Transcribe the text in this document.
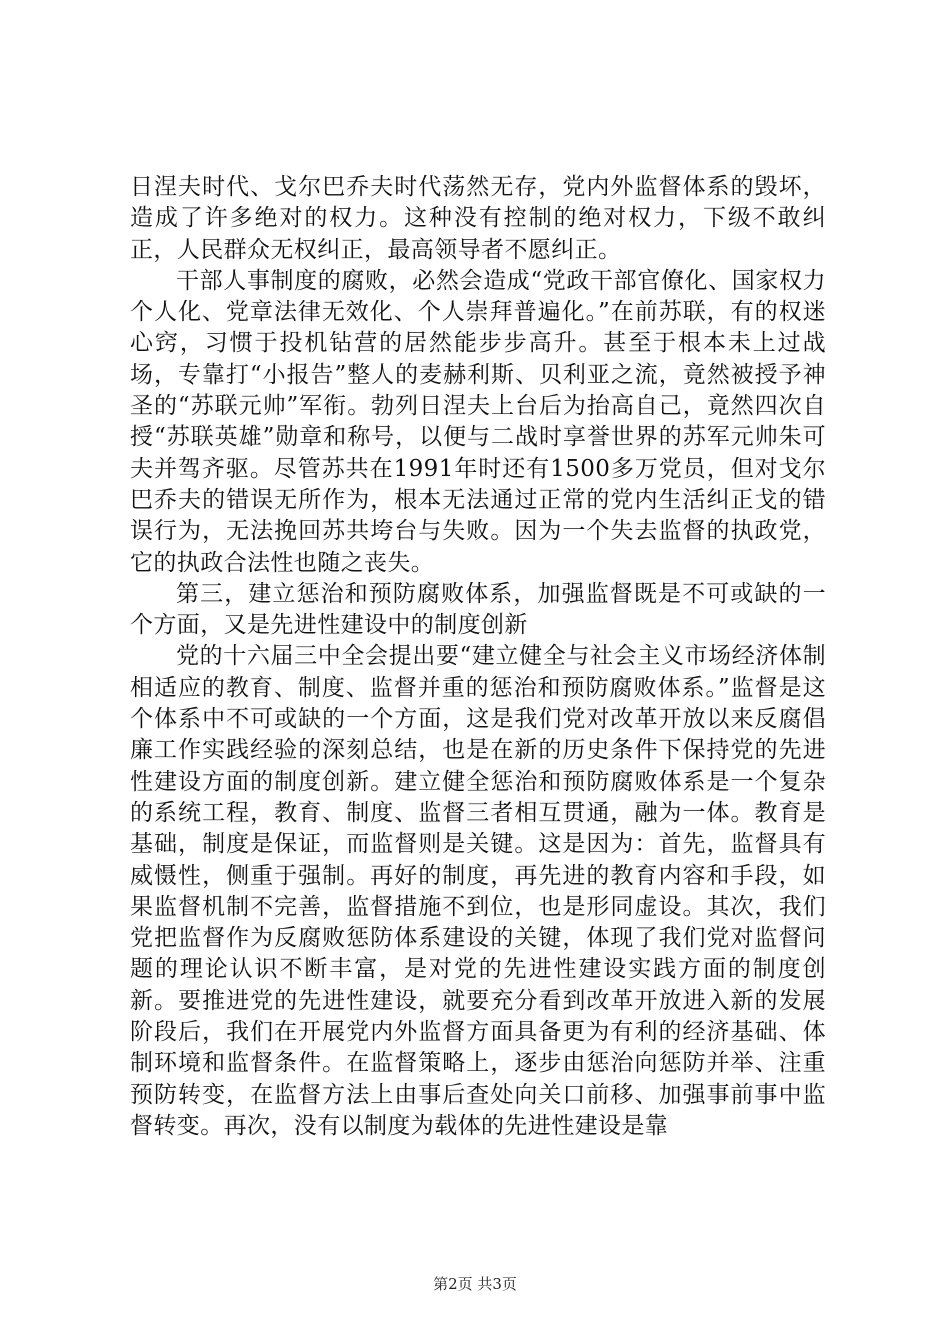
日涅夫时代、戈尔巴乔夫时代荡然无存，党内外监督体系的毁坏，造成了许多绝对的权力。这种没有控制的绝对权力，下级不敢纠正，人民群众无权纠正，最高领导者不愿纠正。

干部人事制度的腐败，必然会造成“党政干部官僚化、国家权力个人化、党章法律无效化、个人崇拜普遍化。”在前苏联，有的权迷心窍，习惯于投机钻营的居然能步步高升。甚至于根本未上过战场，专靠打“小报告”整人的麦赫利斯、贝利亚之流，竟然被授予神圣的“苏联元帅”军衔。勃列日涅夫上台后为抬高自己，竟然四次自授“苏联英雄”勋章和称号，以便与二战时享誉世界的苏军元帅朱可夫并驾齐驱。尽管苏共在1991年时还有1500多万党员，但对戈尔巴乔夫的错误无所作为，根本无法通过正常的党内生活纠正戈的错误行为，无法挽回苏共垮台与失败。因为一个失去监督的执政党，它的执政合法性也随之丧失。

第三，建立惩治和预防腐败体系，加强监督既是不可或缺的一个方面，又是先进性建设中的制度创新

党的十六届三中全会提出要“建立健全与社会主义市场经济体制相适应的教育、制度、监督并重的惩治和预防腐败体系。”监督是这个体系中不可或缺的一个方面，这是我们党对改革开放以来反腐倡廉工作实践经验的深刻总结，也是在新的历史条件下保持党的先进性建设方面的制度创新。建立健全惩治和预防腐败体系是一个复杂的系统工程，教育、制度、监督三者相互贯通，融为一体。教育是基础，制度是保证，而监督则是关键。这是因为：首先，监督具有威慑性，侧重于强制。再好的制度，再先进的教育内容和手段，如果监督机制不完善，监督措施不到位，也是形同虚设。其次，我们党把监督作为反腐败惩防体系建设的关键，体现了我们党对监督问题的理论认识不断丰富，是对党的先进性建设实践方面的制度创新。要推进党的先进性建设，就要充分看到改革开放进入新的发展阶段后，我们在开展党内外监督方面具备更为有利的经济基础、体制环境和监督条件。在监督策略上，逐步由惩治向惩防并举、注重预防转变，在监督方法上由事后查处向关口前移、加强事前事中监督转变。再次，没有以制度为载体的先进性建设是靠

第2页 共3页
